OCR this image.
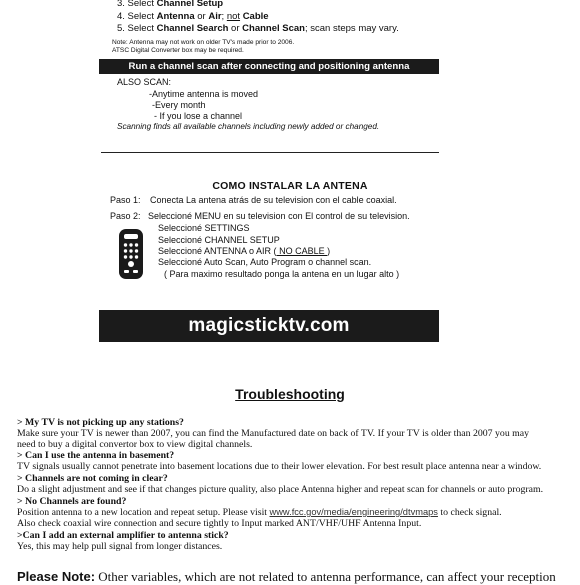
3. Select Channel Setup
4. Select Antenna or Air; not Cable
5. Select Channel Search or Channel Scan; scan steps may vary.
Note: Antenna may not work on older TV's made prior to 2006.
ATSC Digital Converter box may be required.
Run a channel scan after connecting and positioning antenna
ALSO SCAN:
-Anytime antenna is moved
-Every month
- If you lose a channel
Scanning finds all available channels including newly added or changed.
COMO INSTALAR LA ANTENA
Paso 1: Conecta La antena atrás de su television con el cable coaxial.
Paso 2: Seleccioné MENU en su television con El control de su television.
Seleccioné SETTINGS
Seleccioné CHANNEL SETUP
Seleccioné ANTENNA o AIR ( NO CABLE )
Seleccioné Auto Scan, Auto Program o channel scan.
( Para maximo resultado ponga la antena en un lugar alto )
magicsticktv.com
Troubleshooting
> My TV is not picking up any stations?
Make sure your TV is newer than 2007, you can find the Manufactured date on back of TV. If your TV is older than 2007 you may
need to buy a digital convertor box to view digital channels.
> Can I use the antenna in basement?
TV signals usually cannot penetrate into basement locations due to their lower elevation. For best result place antenna near a window.
> Channels are not coming in clear?
Do a slight adjustment and see if that changes picture quality, also place Antenna higher and repeat scan for channels or auto program.
> No Channels are found?
Position antenna to a new location and repeat setup. Please visit www.fcc.gov/media/engineering/dtvmaps to check signal.
Also check coaxial wire connection and secure tightly to Input marked ANT/VHF/UHF Antenna Input.
>Can I add an external amplifier to antenna stick?
Yes, this may help pull signal from longer distances.
Please Note: Other variables, which are not related to antenna performance, can affect your reception
